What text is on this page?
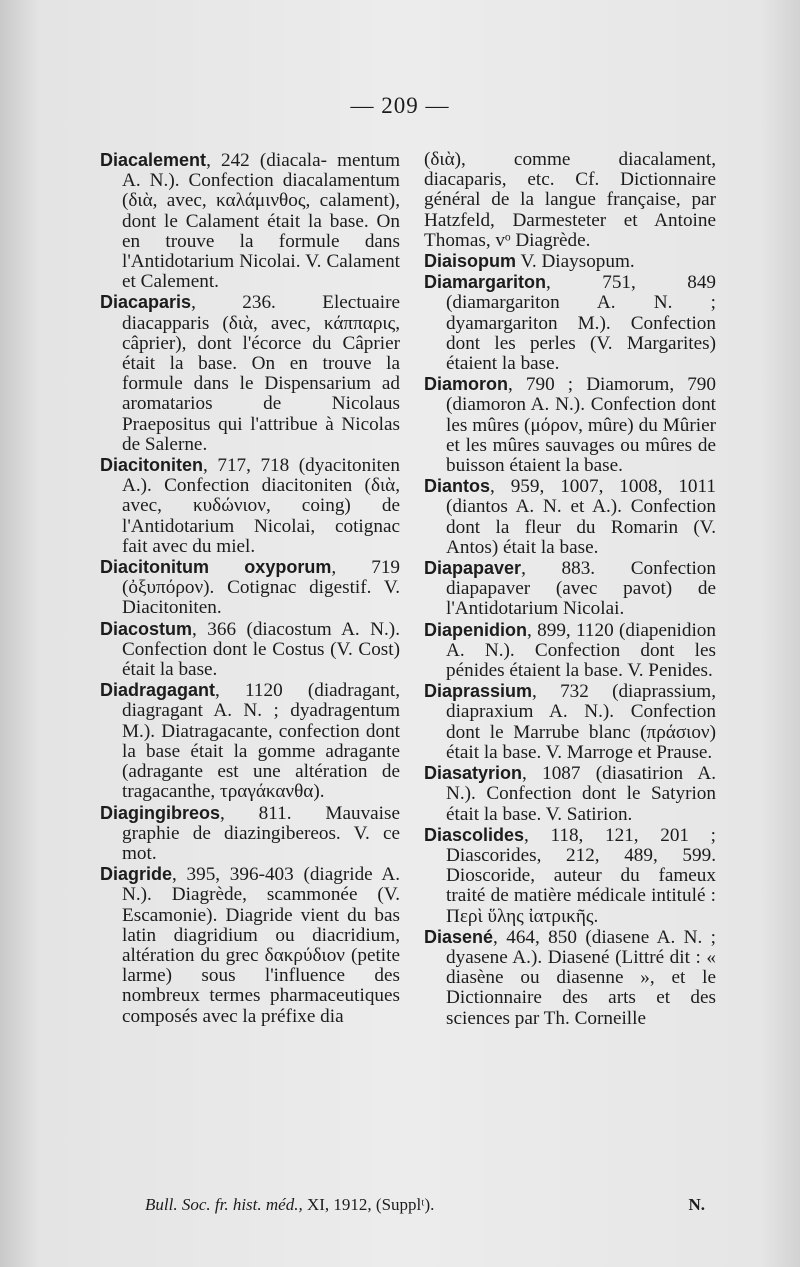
— 209 —

Diacalement, 242 (diacala- mentum A. N.). Confection diacalamentum (διὰ, avec, καλάμινθος, calament), dont le Calament était la base. On en trouve la formule dans l'Antidotarium Nicolai. V. Calament et Calement.

Diacaparis, 236. Electuaire diacapparis (διὰ, avec, κάππαρις, câprier), dont l'écorce du Câprier était la base. On en trouve la formule dans le Dispensarium ad aromatarios de Nicolaus Praepositus qui l'attribue à Nicolas de Salerne.

Diacitoniten, 717, 718 (dyacitoniten A.). Confection diacitoniten (διὰ, avec, κυδώνιον, coing) de l'Antidotarium Nicolai, cotignac fait avec du miel.

Diacitonitum oxyporum, 719 (ὀξυπόρον). Cotignac digestif. V. Diacitoniten.

Diacostum, 366 (diacostum A. N.). Confection dont le Costus (V. Cost) était la base.

Diadragagant, 1120 (diadragant, diagragant A. N. ; dyadragentum M.). Diatragacante, confection dont la base était la gomme adragante (adragante est une altération de tragacanthe, τραγάκανθα).

Diagingibreos, 811. Mauvaise graphie de diazingibereos. V. ce mot.

Diagride, 395, 396-403 (diagride A. N.). Diagrède, scammonée (V. Escamonie). Diagride vient du bas latin diagridium ou diacridium, altération du grec δακρύδιον (petite larme) sous l'influence des nombreux termes pharmaceutiques composés avec la préfixe dia

(διὰ), comme diacalament, diacaparis, etc. Cf. Dictionnaire général de la langue française, par Hatzfeld, Darmesteter et Antoine Thomas, vᵒ Diagrède.

Diaisopum V. Diaysopum.

Diamargariton, 751, 849 (diamargariton A. N. ; dyamargariton M.). Confection dont les perles (V. Margarites) étaient la base.

Diamoron, 790 ; Diamorum, 790 (diamoron A. N.). Confection dont les mûres (μόρον, mûre) du Mûrier et les mûres sauvages ou mûres de buisson étaient la base.

Diantos, 959, 1007, 1008, 1011 (diantos A. N. et A.). Confection dont la fleur du Romarin (V. Antos) était la base.

Diapapaver, 883. Confection diapapaver (avec pavot) de l'Antidotarium Nicolai.

Diapenidion, 899, 1120 (diapenidion A. N.). Confection dont les pénides étaient la base. V. Penides.

Diaprassium, 732 (diaprassium, diapraxium A. N.). Confection dont le Marrube blanc (πράσιον) était la base. V. Marroge et Prause.

Diasatyrion, 1087 (diasatirion A. N.). Confection dont le Satyrion était la base. V. Satirion.

Diascolides, 118, 121, 201 ; Diascorides, 212, 489, 599. Dioscoride, auteur du fameux traité de matière médicale intitulé : Περὶ ὕλης ἰατρικῆς.

Diasené, 464, 850 (diasene A. N. ; dyasene A.). Diasené (Littré dit : « diasène ou diasenne », et le Dictionnaire des arts et des sciences par Th. Corneille

Bull. Soc. fr. hist. méd., XI, 1912, (Supplᵗ).	N.
